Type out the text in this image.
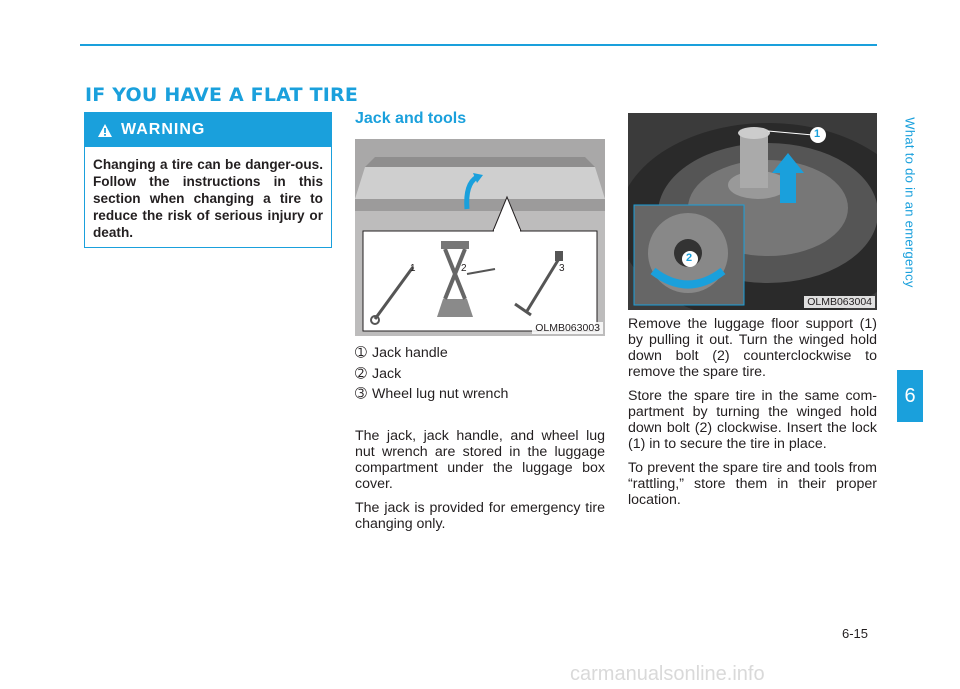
IF YOU HAVE A FLAT TIRE
WARNING

Changing a tire can be danger-ous. Follow the instructions in this section when changing a tire to reduce the risk of serious injury or death.

Jack and tools
1	2	3
OLMB063003
➀ Jack handle
➁ Jack
➂ Wheel lug nut wrench

The jack, jack handle, and wheel lug nut wrench are stored in the luggage compartment under the luggage box cover.

The jack is provided for emergency tire changing only.

1
2
OLMB063004

Remove the luggage floor support (1) by pulling it out. Turn the winged hold down bolt (2) counterclockwise to remove the spare tire.

Store the spare tire in the same com-partment by turning the winged hold down bolt (2) clockwise. Insert the lock (1) in to secure the tire in place.

To prevent the spare tire and tools from “rattling,” store them in their proper location.

What to do in an emergency
6
6-15
carmanualsonline.info
